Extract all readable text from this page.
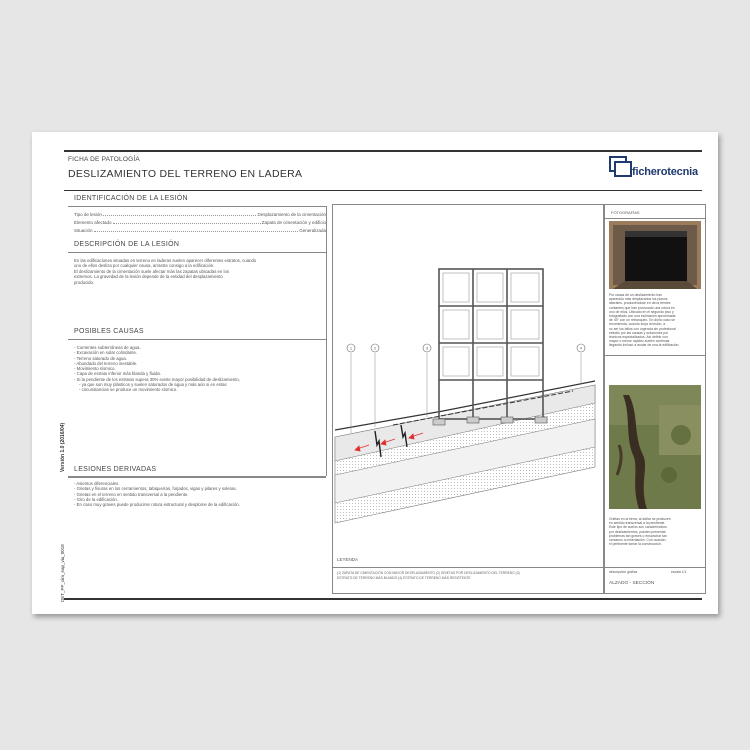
FICHA DE PATOLOGÍA
DESLIZAMIENTO DEL TERRENO EN LADERA	ficherotecnia
Versión 1.0 (2016/04)
DET_PP_cim_eap_via_0018
IDENTIFICACIÓN DE LA LESIÓN
Tipo de lesión	Desplazamiento de la cimentación
Elemento afectado	Zapata de cimentación y edificio
Situación	Generalizada
DESCRIPCIÓN DE LA LESIÓN
En las edificaciones situadas en terreno en laderas suelen aparecer diferentes estratos, cuando
uno de ellos desliza por cualquier causa, arrastra consigo a la edificación.
El deslizamiento de la cimentación suele afectar más las zapatas ubicadas en los
extremos. La gravedad de la lesión depende de la entidad del desplazamiento
producido.
POSIBLES CAUSAS
- Corrientes subterráneas de agua.
- Excavación en solar colindante.
- Terreno saturado de agua.
- Abundado del terreno inestable.
- Movimiento sísmico.
- Capa de estrato inferior más blanda y fluida.
- Si la pendiente de los estratos supera 30% existe mayor posibilidad de deslizamiento,
- ya que son muy plásticos y suelen saturados de agua y más aún si en estas
- circunstancias se produce un movimiento sísmico.
LESIONES DERIVADAS
- Asientos diferenciales.
- Grietas y fisuras en los cerramientos, tabiquerías, forjados, vigas y pilares y soleras.
- Grietas en el terreno en sentido transversal a la pendiente.
- Giro de la edificación.
- En caso muy graves puede producirse rotura estructural y desplome de la edificación.
1	2	3	4
LEYENDA
(1) ZAPATA DE CIMENTACIÓN CON MAYOR DESPLAZAMIENTO (2) GRIETAS POR DESLIZAMIENTO DEL TERRENO (3)
ESTRATO DE TERRENO MÁS BLANDO (4) ESTRATO DE TERRENO MÁS RESISTENTE
FOTOGRAFÍAS
Por causa de un deslizamiento han
aparecido más desplazados los planos
laterales, produciéndose en otros frentes
contantes que han provocado una rotura en
uno de ellos. Ubicado en el segundo piso y
fotografiado con una inclinación aproximada
de 45° con un retranqueo. En dicho caso se
recomienda, cuando surja la lesión, a
no ser los fallos con urgencia sin profesional
estudio por las causas y soluciones por
técnicos especializados. Así definir con
mayor o menor rapidez suelen continuar
llegando incluso a anular de una la edificación.
Grietas en la tierra, al dañar se producen
en sentido transversal a la pendiente.
Este tipo de suelos son característicos
por deslizamientos, pueden presentar
problemas tan graves o ensanchar tan
cercanos a cimentación. Con ocasión,
el pertinente tomar la construcción.
descripción gráfica	escala 1/1
ALZADO - SECCIÓN
